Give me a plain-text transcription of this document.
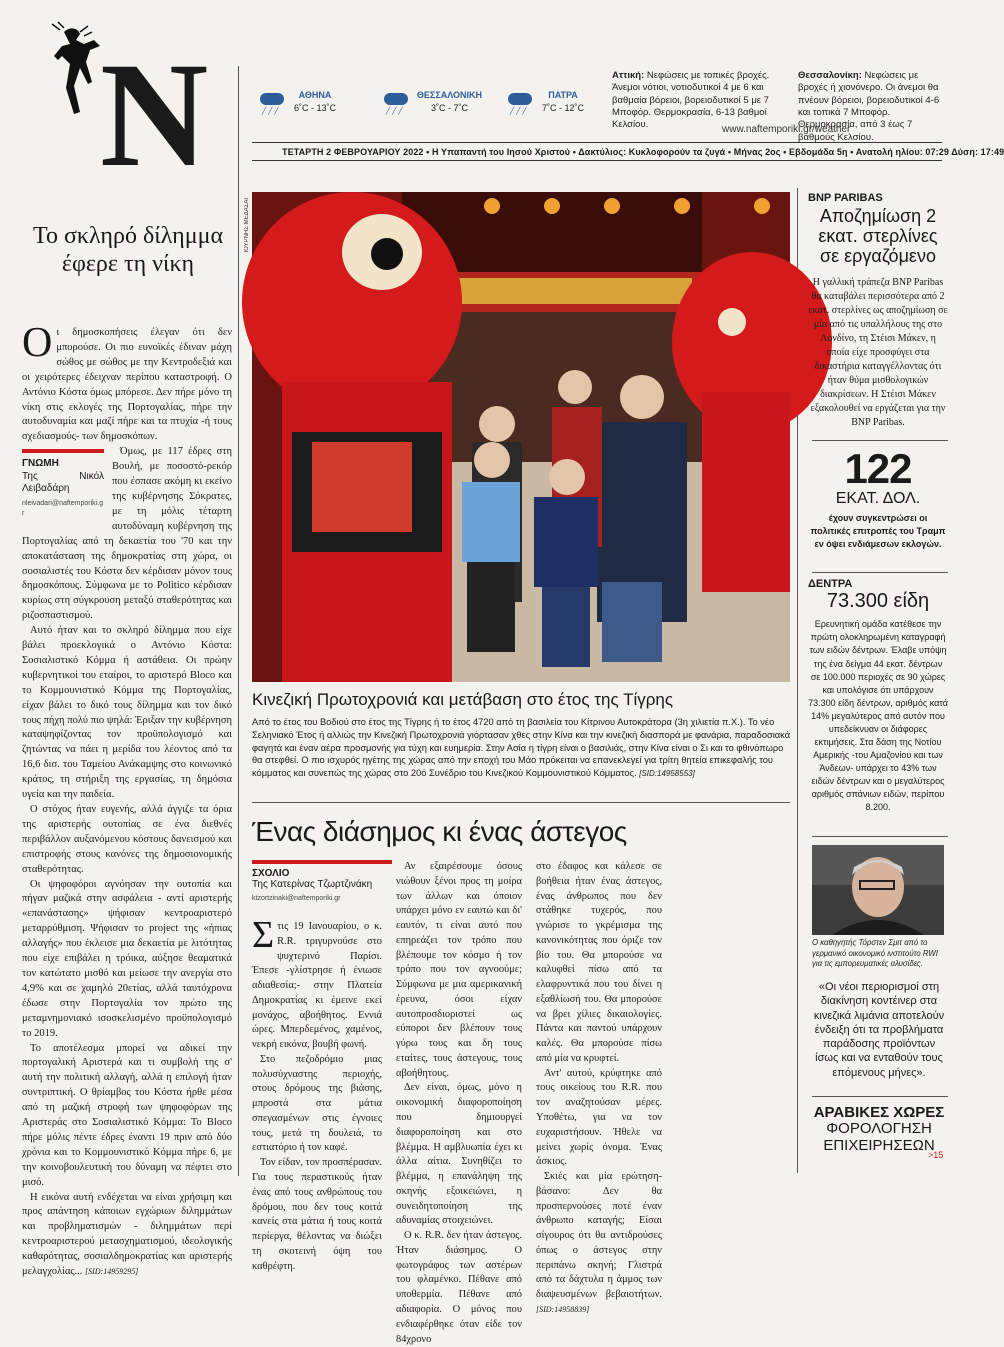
N	╱╱╱
ΑΘΗΝΑ
6˚C - 13˚C	╱╱╱
ΘΕΣΣΑΛΟΝΙΚΗ
3˚C - 7˚C	╱╱╱
ΠΑΤΡΑ
7˚C - 12˚C
Αττική: Νεφώσεις με τοπικές βροχές. Άνεμοι νότιοι, νοτιοδυτικοί 4 με 6 και βαθμαία βόρειοι, βορειοδυτικοί 5 με 7 Μποφόρ. Θερμοκρασία, 6-13 βαθμοί Κελσίου.
Θεσσαλονίκη: Νεφώσεις με βροχές ή χιονόνερο. Οι άνεμοι θα πνέουν βόρειοι, βορειοδυτικοί 4-6 και τοπικά 7 Μποφόρ. Θερμοκρασία, από 3 έως 7 βαθμούς Κελσίου.
www.naftemporiki.gr/weather
ΤΕΤΑΡΤΗ 2 ΦΕΒΡΟΥΑΡΙΟΥ 2022 • Η Υπαπαντή του Ιησού Χριστού • Δακτύλιος: Κυκλοφορούν τα ζυγά • Μήνας 2ος • Εβδομάδα 5η • Ανατολή ηλίου: 07:29 Δύση: 17:49
Το σκληρό δίλημμα έφερε τη νίκη

Οι δημοσκοπήσεις έλεγαν ότι δεν μπορούσε. Οι πιο ευνοϊκές έδιναν μάχη σώθος με σώθος με την Κεντροδεξιά και οι χειρότερες έδειχναν περίπου καταστροφή. Ο Αντόνιο Κόστα όμως μπόρεσε. Δεν πήρε μόνο τη νίκη στις εκλογές της Πορτογαλίας, πήρε την αυτοδυναμία και μαζί πήρε και τα πτυχία -ή τους σχεδιασμούς- των δημοσκόπων.

ΓΝΩΜΗ
Της Νικόλ Λειβαδάρη
nleivadari@naftemporiki.gr

Όμως, με 117 έδρες στη Βουλή, με ποσοστό-ρεκόρ που έσπασε ακόμη κι εκείνο της κυβέρνησης Σόκρατες, με τη μόλις τέταρτη αυτοδύναμη κυβέρνηση της Πορτογαλίας από τη δεκαετία του '70 και την αποκατάσταση της δημοκρατίας στη χώρα, οι σοσιαλιστές του Κόστα δεν κέρδισαν μόνον τους δημοσκόπους. Σύμφωνα με το Politico κέρδισαν κυρίως στη σύγκρουση μεταξύ σταθερότητας και ριζοσπαστισμού.

Αυτό ήταν και το σκληρό δίλημμα που είχε βάλει προεκλογικά ο Αντόνιο Κόστα: Σοσιαλιστικό Κόμμα ή αστάθεια. Οι πρώην κυβερνητικοί του εταίροι, το αριστερό Bloco και το Κομμουνιστικό Κόμμα της Πορτογαλίας, είχαν βάλει το δικό τους δίλημμα και τον δικό τους πήχη πολύ πιο ψηλά: Έριξαν την κυβέρνηση καταψηφίζοντας τον προϋπολογισμό και ζητώντας να πάει η μερίδα του λέοντος από τα 16,6 δισ. του Ταμείου Ανάκαμψης στο κοινωνικό κράτος, τη στήριξη της εργασίας, τη δημόσια υγεία και την παιδεία.

Ο στόχος ήταν ευγενής, αλλά άγγιζε τα όρια της αριστερής ουτοπίας σε ένα διεθνές περιβάλλον αυξανόμενου κόστους δανεισμού και επιστροφής στους κανόνες της δημοσιονομικής σταθερότητας.

Οι ψηφοφόροι αγνόησαν την ουτοπία και πήγαν μαζικά στην ασφάλεια - αντί αριστερής «επανάστασης» ψήφισαν κεντροαριστερό μεταρρύθμιση. Ψήφισαν το project της «ήπιας αλλαγής» που έκλεισε μια δεκαετία με λιτότητας που είχε επιβάλει η τρόικα, αύξησε θεαματικά τον κατώτατο μισθό και μείωσε την ανεργία στο 4,9% και σε χαμηλό 20ετίας, αλλά ταυτόχρονα έδωσε στην Πορτογαλία τον πρώτο της μεταμνημονιακό ισοσκελισμένο προϋπολογισμό το 2019.

Το αποτέλεσμα μπορεί να αδικεί την πορτογαλική Αριστερά και τι συμβολή της σ' αυτή την πολιτική αλλαγή, αλλά η επιλογή ήταν συντριπτική. Ο θρίαμβος του Κόστα ήρθε μέσα από τη μαζική στροφή των ψηφοφόρων της Αριστεράς στο Σοσιαλιστικό Κόμμα: Το Bloco πήρε μόλις πέντε έδρες έναντι 19 πριν από δύο χρόνια και το Κομμουνιστικό Κόμμα πήρε 6, με την κοινοβουλευτική του δύναμη να πέφτει στο μισό.

Η εικόνα αυτή ενδέχεται να είναι χρήσιμη και προς απάντηση κάποιων εγχώριων διλημμάτων και προβληματισμών - διλημμάτων περί κεντροαριστερού μετασχηματισμού, ιδεολογικής καθαρότητας, σοσιαλδημοκρατίας και αριστερής μελαγχολίας... [SID:14959295]

ΙΟΥΡΝΗΣ ΜΕΔΑΣΑΙ
Κινεζική Πρωτοχρονιά και μετάβαση στο έτος της Τίγρης
Από το έτος του Βοδιού στο έτος της Τίγρης ή το έτος 4720 από τη βασιλεία του Κίτρινου Αυτοκράτορα (3η χιλιετία π.Χ.). Το νέο Σεληνιακό Έτος ή αλλιώς την Κινεζική Πρωτοχρονιά γιόρτασαν χθες στην Κίνα και την κινεζική διασπορά με φανάρια, παραδοσιακά φαγητά και έναν αέρα προσμονής για τύχη και ευημερία. Στην Ασία η τίγρη είναι ο βασιλιάς, στην Κίνα είναι ο Σι και το φθινόπωρο θα στεφθεί. Ο πιο ισχυρός ηγέτης της χώρας από την εποχή του Μάο πρόκειται να επανεκλεγεί για τρίτη θητεία επικεφαλής του κόμματος και συνεπώς της χώρας στο 20ό Συνέδριο του Κινεζικού Κομμουνιστικού Κόμματος. [SID:14958553]
Ένας διάσημος κι ένας άστεγος
ΣΧΟΛΙΟ
Της Κατερίνας Τζωρτζινάκη
ktzortzinaki@naftemporiki.gr

Στις 19 Ιανουαρίου, ο κ. R.R. τριγυρνούσε στο ψυχτερινό Παρίσι. Έπεσε -γλίστρησε ή ένιωσε αδιαθεσία;- στην Πλατεία Δημοκρατίας κι έμεινε εκεί μονάχος, αβοήθητος. Εννιά ώρες. Μπερδεμένος, χαμένος, νεκρή εικόνα, βουβή φωνή.

Στο πεζοδρόμιο μιας πολυσύχναστης περιοχής, στους δρόμους της βιάσης, μπροστά στα μάτια σπεγασμένων στις έγνοιες τους, μετά τη δουλειά, το εστιατόριο ή τον καφέ.

Τον είδαν, τον προσπέρασαν. Για τους περαστικούς ήταν ένας από τους ανθρώπους του δρόμου, που δεν τους κοιτά κανείς στα μάτια ή τους κοιτά περίεργα, θέλοντας να διώξει τη σκοτεινή όψη του καθρέφτη.

Αν εξαιρέσουμε όσους νιώθουν ξένοι προς τη μοίρα των άλλων και όποιον υπάρχει μόνο εν εαυτώ και δι' εαυτόν, τι είναι αυτό που επηρεάζει τον τρόπο που βλέπουμε τον κόσμο ή τον τρόπο που τον αγνοούμε; Σύμφωνα με μια αμερικανική έρευνα, όσοι είχαν αυτοπροσδιοριστεί ως εύποροι δεν βλέπουν τους γύρω τους και δη τους εταίτες, τους άστεγους, τους αβοήθητους.

Δεν είναι, όμως, μόνο η οικονομική διαφοροποίηση που δημιουργεί διαφοροποίηση και στο βλέμμα. Η αμβλυωπία έχει κι άλλα αίτια. Συνηθίζει το βλέμμα, η επανάληψη της σκηνής εξοικειώνει, η συνειδητοποίηση της αδυναμίας στοιχειώνει.

Ο κ. R.R. δεν ήταν άστεγος. Ήταν διάσημος. Ο φωτογράφος των αστέρων του φλαμένκο. Πέθανε από υποθερμία. Πέθανε από αδιαφορία. Ο μόνος που ενδιαφέρθηκε όταν είδε τον 84χρονο

στο έδαφος και κάλεσε σε βοήθεια ήταν ένας άστεγος, ένας άνθρωπος που δεν στάθηκε τυχερός, που γνώρισε το γκρέμισμα της κανονικότητας που όριζε τον βίο του. Θα μπορούσε να καλυφθεί πίσω από τα ελαφρυντικά που του δίνει η εξαθλίωσή του. Θα μπορούσε να βρει χίλιες δικαιολογίες. Πάντα και παντού υπάρχουν καλές. Θα μπορούσε πίσω από μία να κρυφτεί.

Αντ' αυτού, κρύφτηκε από τους οικείους του R.R. που τον αναζητούσαν μέρες. Υποθέτω, για να τον ευχαριστήσουν. Ήθελε να μείνει χωρίς όνομα. Ένας άσκιος.

Σκιές και μία ερώτηση-βάσανο: Δεν θα προσπερνούσες ποτέ έναν άνθρωπο καταγής; Είσαι σίγουρος ότι θα αντιδρούσες όπως ο άστεγος στην περιπάνω σκηνή; Γλιστρά από τα δάχτυλα η άμμος των διαψευσμένων βεβαιοτήτων. [SID:14958839]

BNP PARIBAS
Αποζημίωση 2 εκατ. στερλίνες σε εργαζόμενο
Η γαλλική τράπεζα BNP Paribas θα καταβάλει περισσότερα από 2 εκατ. στερλίνες ως αποζημίωση σε μία από τις υπαλλήλους της στο Λονδίνο, τη Στέισι Μάκεν, η οποία είχε προσφύγει στα δικαστήρια καταγγέλλοντας ότι ήταν θύμα μισθολογικών διακρίσεων. Η Στέισι Μάκεν εξακολουθεί να εργάζεται για την BNP Paribas.
122
ΕΚΑΤ. ΔΟΛ.
έχουν συγκεντρώσει οι πολιτικές επιτροπές του Τραμπ εν όψει ενδιάμεσων εκλογών.
ΔΕΝΤΡΑ
73.300 είδη
Ερευνητική ομάδα κατέθεσε την πρώτη ολοκληρωμένη καταγραφή των ειδών δέντρων. Έλαβε υπόψη της ένα δείγμα 44 εκατ. δέντρων σε 100.000 περιοχές σε 90 χώρες και υπολόγισε ότι υπάρχουν 73.300 είδη δέντρων, αριθμός κατά 14% μεγαλύτερος από αυτόν που υπεδείκνυαν οι διάφορες εκτιμήσεις. Στα δάση της Νοτίου Αμερικής -του Αμαζονίου και των Άνδεων- υπάρχει το 43% των ειδών δέντρων και ο μεγαλύτερος αριθμός σπάνιων ειδών, περίπου 8.200.
Ο καθηγητής Τόρστεν Σμιτ από το γερμανικό οικονομικό ινστιτούτο RWI για τις εμπορευματικές αλυσίδες.
«Οι νέοι περιορισμοί στη διακίνηση κοντέινερ στα κινεζικά λιμάνια αποτελούν ένδειξη ότι τα προβλήματα παράδοσης προϊόντων ίσως και να ενταθούν τους επόμενους μήνες».
ΑΡΑΒΙΚΕΣ ΧΩΡΕΣ
ΦΟΡΟΛΟΓΗΣΗ
ΕΠΙΧΕΙΡΗΣΕΩΝ
>15
